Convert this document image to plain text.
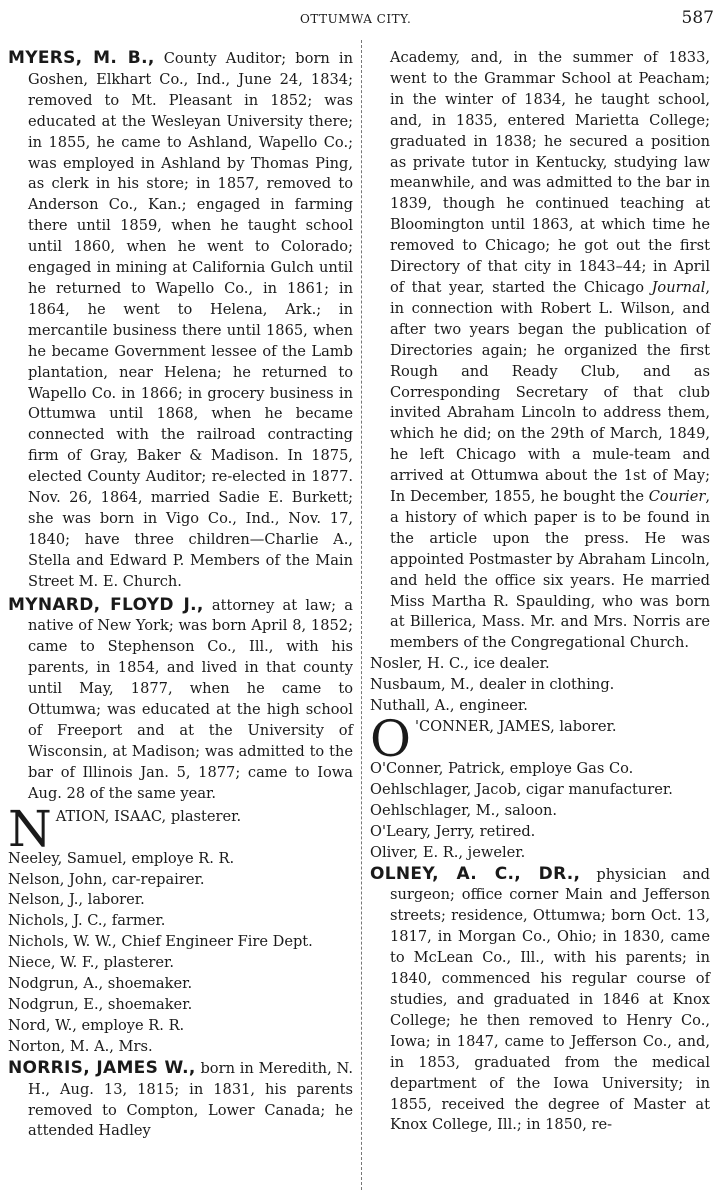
OTTUMWA CITY.	587
MYERS, M. B., County Auditor; born in Goshen, Elkhart Co., Ind., June 24, 1834; removed to Mt. Pleasant in 1852; was educated at the Wesleyan University there; in 1855, he came to Ashland, Wapello Co.; was employed in Ashland by Thomas Ping, as clerk in his store; in 1857, removed to Anderson Co., Kan.; engaged in farming there until 1859, when he taught school until 1860, when he went to Colorado; engaged in mining at California Gulch until he returned to Wapello Co., in 1861; in 1864, he went to Helena, Ark.; in mercantile business there until 1865, when he became Government lessee of the Lamb plantation, near Helena; he returned to Wapello Co. in 1866; in grocery business in Ottumwa until 1868, when he became connected with the railroad contracting firm of Gray, Baker & Madison. In 1875, elected County Auditor; re-elected in 1877. Nov. 26, 1864, married Sadie E. Burkett; she was born in Vigo Co., Ind., Nov. 17, 1840; have three children—Charlie A., Stella and Edward P. Members of the Main Street M. E. Church.
MYNARD, FLOYD J., attorney at law; a native of New York; was born April 8, 1852; came to Stephenson Co., Ill., with his parents, in 1854, and lived in that county until May, 1877, when he came to Ottumwa; was educated at the high school of Freeport and at the University of Wisconsin, at Madison; was admitted to the bar of Illinois Jan. 5, 1877; came to Iowa Aug. 28 of the same year.
N ATION, ISAAC, plasterer.
Neeley, Samuel, employe R. R.
Nelson, John, car-repairer.
Nelson, J., laborer.
Nichols, J. C., farmer.
Nichols, W. W., Chief Engineer Fire Dept.
Niece, W. F., plasterer.
Nodgrun, A., shoemaker.
Nodgrun, E., shoemaker.
Nord, W., employe R. R.
Norton, M. A., Mrs.
NORRIS, JAMES W., born in Meredith, N. H., Aug. 13, 1815; in 1831, his parents removed to Compton, Lower Canada; he attended Hadley
Academy, and, in the summer of 1833, went to the Grammar School at Peacham; in the winter of 1834, he taught school, and, in 1835, entered Marietta College; graduated in 1838; he secured a position as private tutor in Kentucky, studying law meanwhile, and was admitted to the bar in 1839, though he continued teaching at Bloomington until 1863, at which time he removed to Chicago; he got out the first Directory of that city in 1843–44; in April of that year, started the Chicago Journal, in connection with Robert L. Wilson, and after two years began the publication of Directories again; he organized the first Rough and Ready Club, and as Corresponding Secretary of that club invited Abraham Lincoln to address them, which he did; on the 29th of March, 1849, he left Chicago with a mule-team and arrived at Ottumwa about the 1st of May; In December, 1855, he bought the Courier, a history of which paper is to be found in the article upon the press. He was appointed Postmaster by Abraham Lincoln, and held the office six years. He married Miss Martha R. Spaulding, who was born at Billerica, Mass. Mr. and Mrs. Norris are members of the Congregational Church.
Nosler, H. C., ice dealer.
Nusbaum, M., dealer in clothing.
Nuthall, A., engineer.
O 'CONNER, JAMES, laborer.
O'Conner, Patrick, employe Gas Co.
Oehlschlager, Jacob, cigar manufacturer.
Oehlschlager, M., saloon.
O'Leary, Jerry, retired.
Oliver, E. R., jeweler.
OLNEY, A. C., DR., physician and surgeon; office corner Main and Jefferson streets; residence, Ottumwa; born Oct. 13, 1817, in Morgan Co., Ohio; in 1830, came to McLean Co., Ill., with his parents; in 1840, commenced his regular course of studies, and graduated in 1846 at Knox College; he then removed to Henry Co., Iowa; in 1847, came to Jefferson Co., and, in 1853, graduated from the medical department of the Iowa University; in 1855, received the degree of Master at Knox College, Ill.; in 1850, re-
